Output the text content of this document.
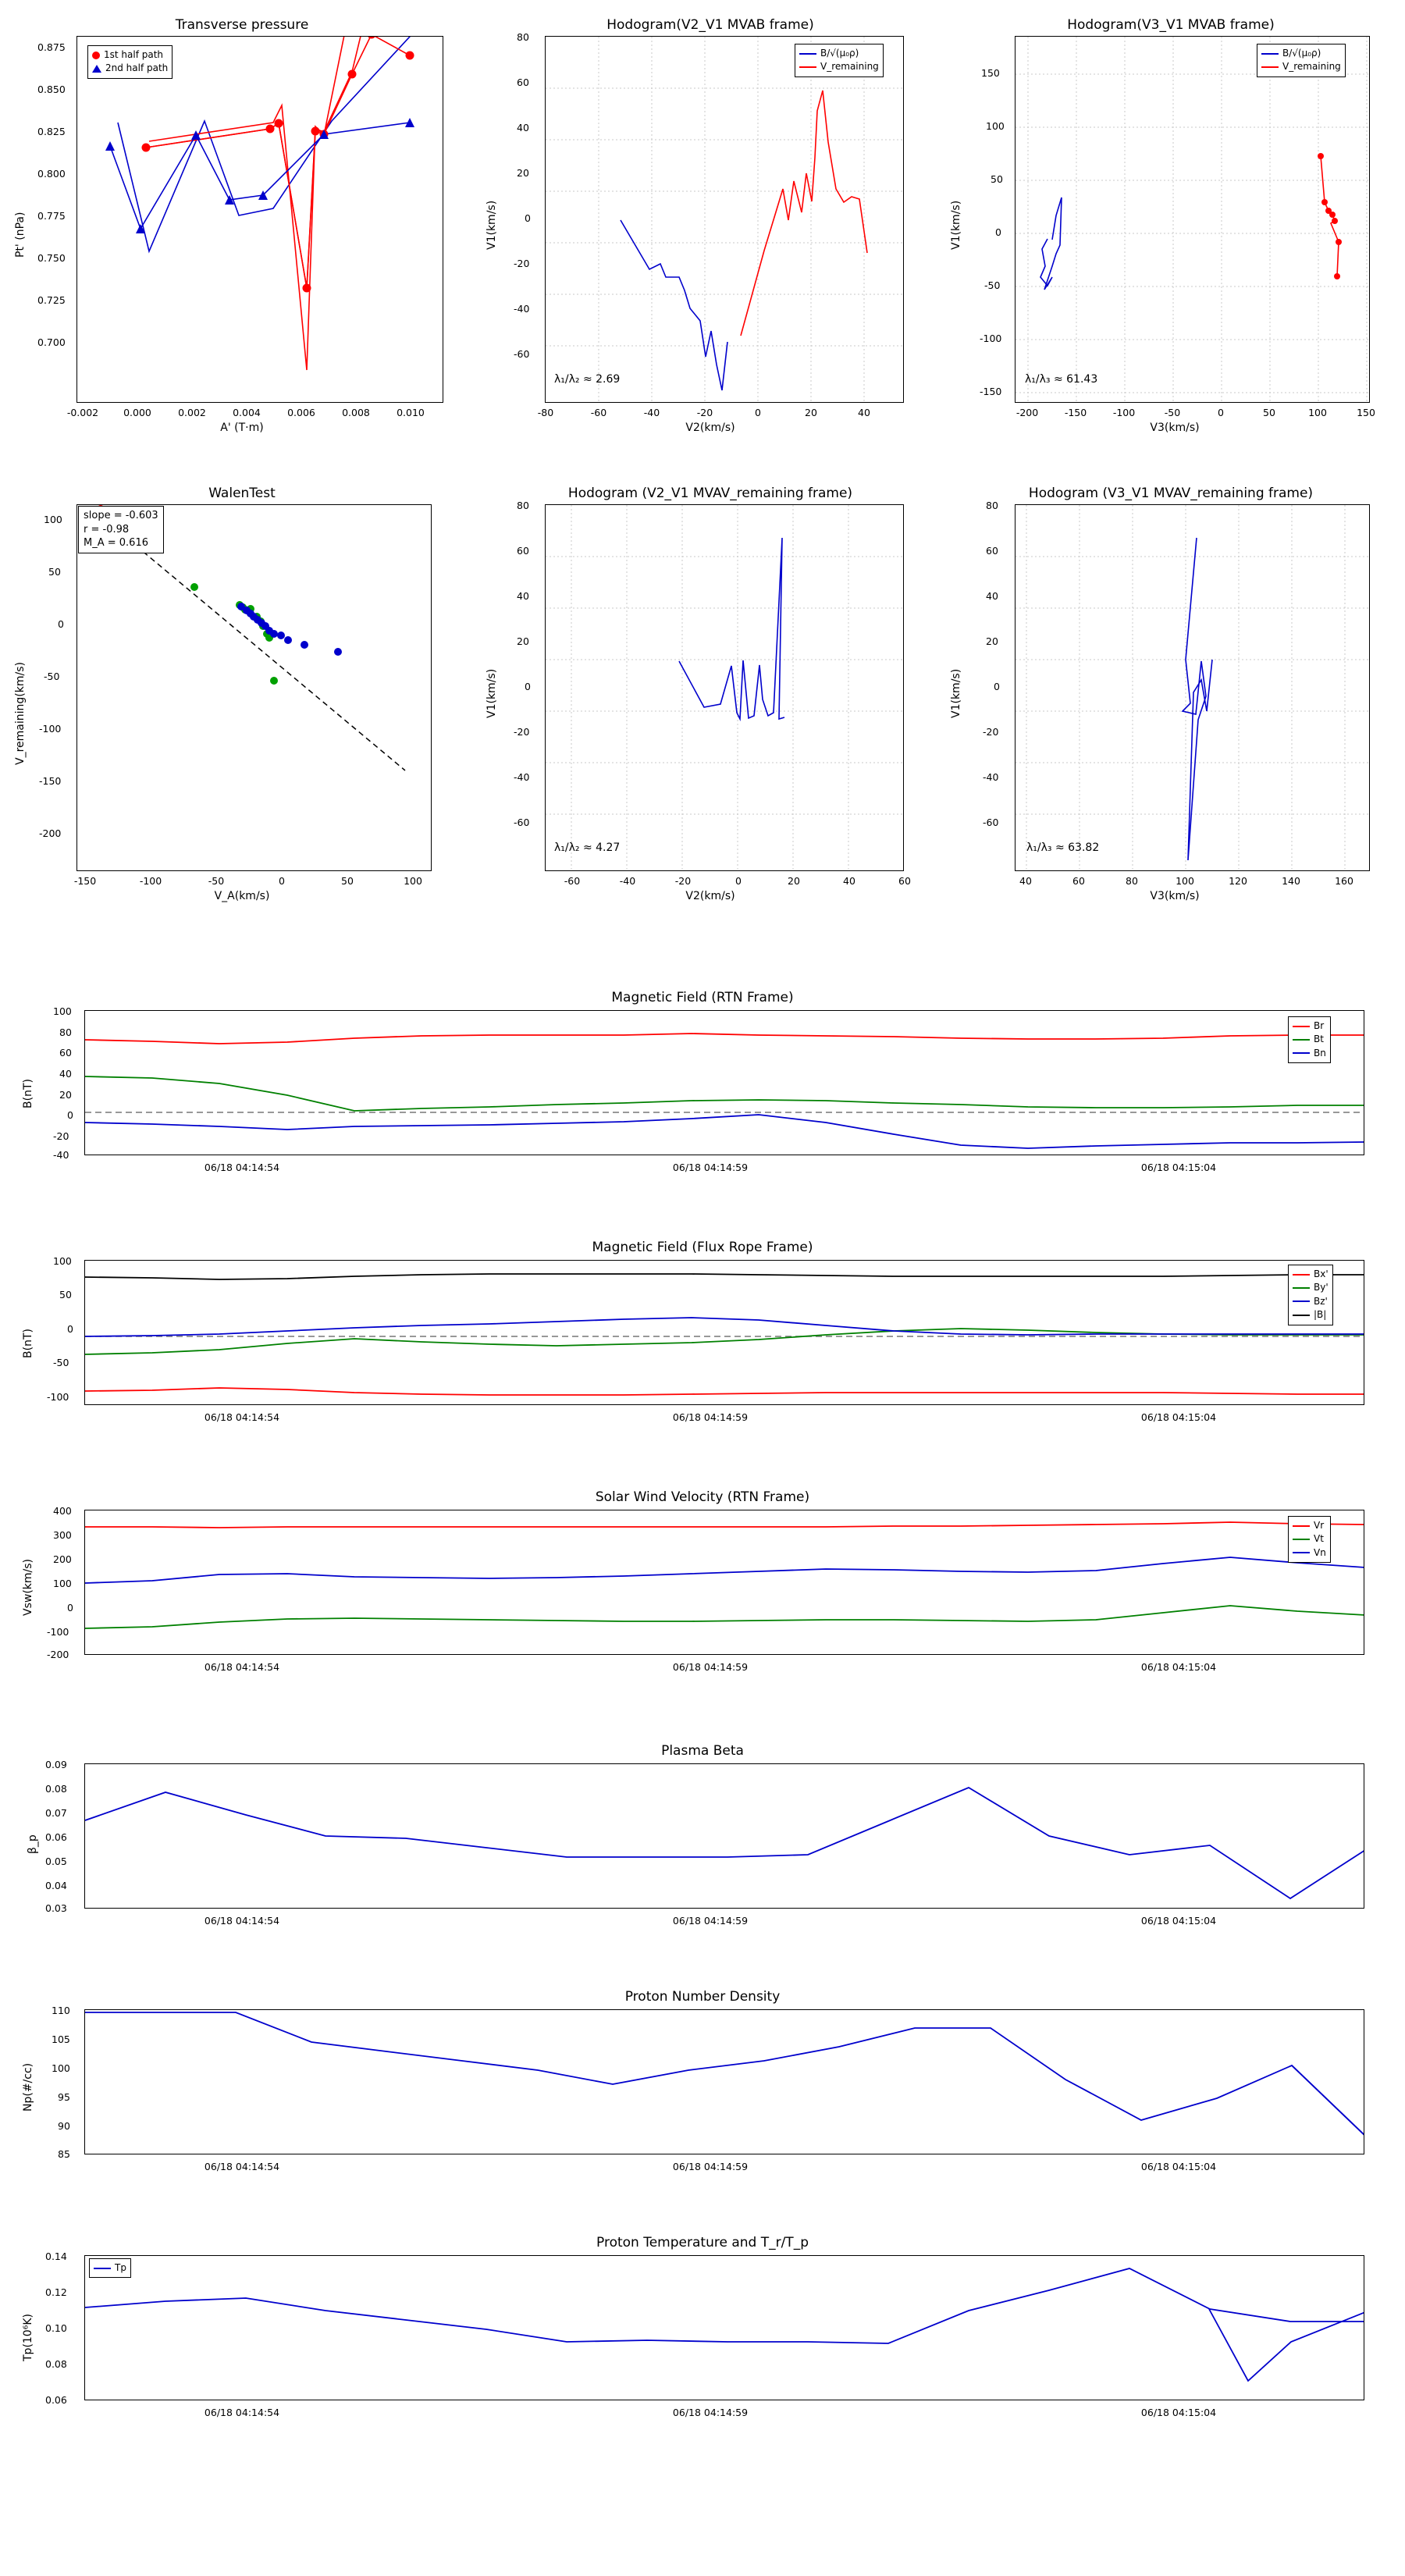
Transverse pressure
Pt' (nPa)
A' (T·m)
1st half path
2nd half path
0.875
0.850
0.825
0.800
0.775
0.750
0.725
0.700
-0.002	0.000	0.002	0.004	0.006	0.008	0.010
Hodogram(V2_V1 MVAB frame)
V1(km/s)
V2(km/s)
B/√(μ₀ρ)
V_remaining
λ₁/λ₂ ≈ 2.69
80
60
40
20
0
-20
-40
-60
-80	-60	-40	-20	0	20	40
Hodogram(V3_V1 MVAB frame)
V1(km/s)
V3(km/s)
B/√(μ₀ρ)
V_remaining
λ₁/λ₃ ≈ 61.43
150
100
50
0
-50
-100
-150
-200	-150	-100	-50	0	50	100	150
WalenTest
V_remaining(km/s)
V_A(km/s)
slope = -0.603
r = -0.98
M_A = 0.616
100
50
0
-50
-100
-150
-200
-150	-100	-50	0	50	100
Hodogram (V2_V1 MVAV_remaining frame)
V1(km/s)
V2(km/s)
λ₁/λ₂ ≈ 4.27
80
60
40
20
0
-20
-40
-60
-60	-40	-20	0	20	40	60
Hodogram (V3_V1 MVAV_remaining frame)
V1(km/s)
V3(km/s)
λ₁/λ₃ ≈ 63.82
80
60
40
20
0
-20
-40
-60
40	60	80	100	120	140	160
Magnetic Field (RTN Frame)
B(nT)
Br
Bt
Bn
100
80
60
40
20
0
-20
-40
06/18 04:14:54	06/18 04:14:59	06/18 04:15:04
Magnetic Field (Flux Rope Frame)
B(nT)
Bx'
By'
Bz'
|B|
100
50
0
-50
-100
06/18 04:14:54	06/18 04:14:59	06/18 04:15:04
Solar Wind Velocity (RTN Frame)
Vsw(km/s)
Vr
Vt
Vn
400
300
200
100
0
-100
-200
06/18 04:14:54	06/18 04:14:59	06/18 04:15:04
Plasma Beta
β_p
0.09
0.08
0.07
0.06
0.05
0.04
0.03
06/18 04:14:54	06/18 04:14:59	06/18 04:15:04
Proton Number Density
Np(#/cc)
110
105
100
95
90
85
06/18 04:14:54	06/18 04:14:59	06/18 04:15:04
Proton Temperature and T_r/T_p
Tp(10⁶K)
Tp
0.14
0.12
0.10
0.08
0.06
06/18 04:14:54	06/18 04:14:59	06/18 04:15:04
